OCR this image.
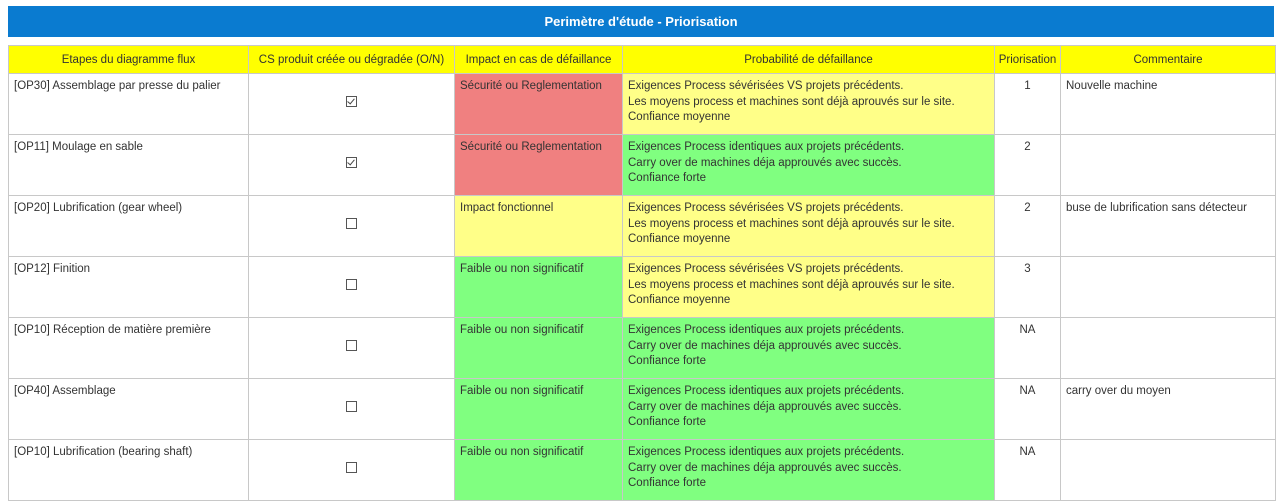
Perimètre d'étude - Priorisation
Etapes du diagramme flux	CS produit créée ou dégradée (O/N)	Impact en cas de défaillance	Probabilité de défaillance	Priorisation	Commentaire
[OP30] Assemblage par presse du palier		Sécurité ou Reglementation	Exigences Process sévérisées VS projets précédents.
Les moyens process et machines sont déjà aprouvés sur le site.
Confiance moyenne	1	Nouvelle machine
[OP11] Moulage en sable		Sécurité ou Reglementation	Exigences Process identiques aux projets précédents.
Carry over de machines déja approuvés avec succès.
Confiance forte	2	
[OP20] Lubrification (gear wheel)		Impact fonctionnel	Exigences Process sévérisées VS projets précédents.
Les moyens process et machines sont déjà aprouvés sur le site.
Confiance moyenne	2	buse de lubrification sans détecteur
[OP12] Finition		Faible ou non significatif	Exigences Process sévérisées VS projets précédents.
Les moyens process et machines sont déjà aprouvés sur le site.
Confiance moyenne	3	
[OP10] Réception de matière première		Faible ou non significatif	Exigences Process identiques aux projets précédents.
Carry over de machines déja approuvés avec succès.
Confiance forte	NA	
[OP40] Assemblage		Faible ou non significatif	Exigences Process identiques aux projets précédents.
Carry over de machines déja approuvés avec succès.
Confiance forte	NA	carry over du moyen
[OP10] Lubrification (bearing shaft)		Faible ou non significatif	Exigences Process identiques aux projets précédents.
Carry over de machines déja approuvés avec succès.
Confiance forte	NA	
